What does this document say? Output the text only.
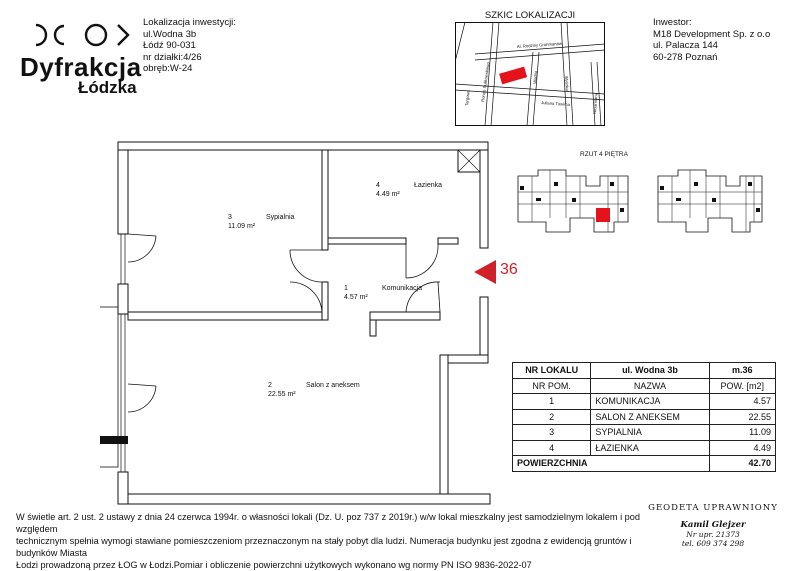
Dyfrakcja
Łódzka
Lokalizacja inwestycji:
ul.Wodna 3b
Łódź 90-031
nr działki:4/26
obręb:W-24
Inwestor:
M18 Development Sp. z o.o
ul. Palacza 144
60-278 Poznań
SZKIC LOKALIZACJI
Al. Rodziny Grohmanów
Rondo Sulikowskiego	Wodna
Targowa	Juliana Tuwima
Wysoka
Niciarniana
RZUT 4 PIĘTRA
36
3	Sypialnia
11.09 m²
4	Łazienka
4.49 m²
1	Komunikacja
4.57 m²
2	Salon z aneksem
22.55 m²
NR LOKALU	ul. Wodna 3b	m.36
NR POM.	NAZWA	POW. [m2]
1	KOMUNIKACJA	4.57
2	SALON Z ANEKSEM	22.55
3	SYPIALNIA	11.09
4	ŁAZIENKA	4.49
POWIERZCHNIA		42.70
W świetle art. 2 ust. 2 ustawy z dnia 24 czerwca 1994r. o własności lokali (Dz. U. poz 737 z 2019r.) w/w lokal mieszkalny jest samodzielnym lokalem i pod względem
technicznym spełnia wymogi stawiane pomieszczeniom przeznaczonym na stały pobyt dla ludzi. Numeracja budynku jest zgodna z ewidencją gruntów i budynków Miasta
Łodzi prowadzoną przez ŁOG w Łodzi.Pomiar i obliczenie powierzchni użytkowych wykonano wg normy PN ISO 9836-2022-07
GEODETA UPRAWNIONY
Kamil Glejzer
Nr upr. 21373
tel. 609 374 298
